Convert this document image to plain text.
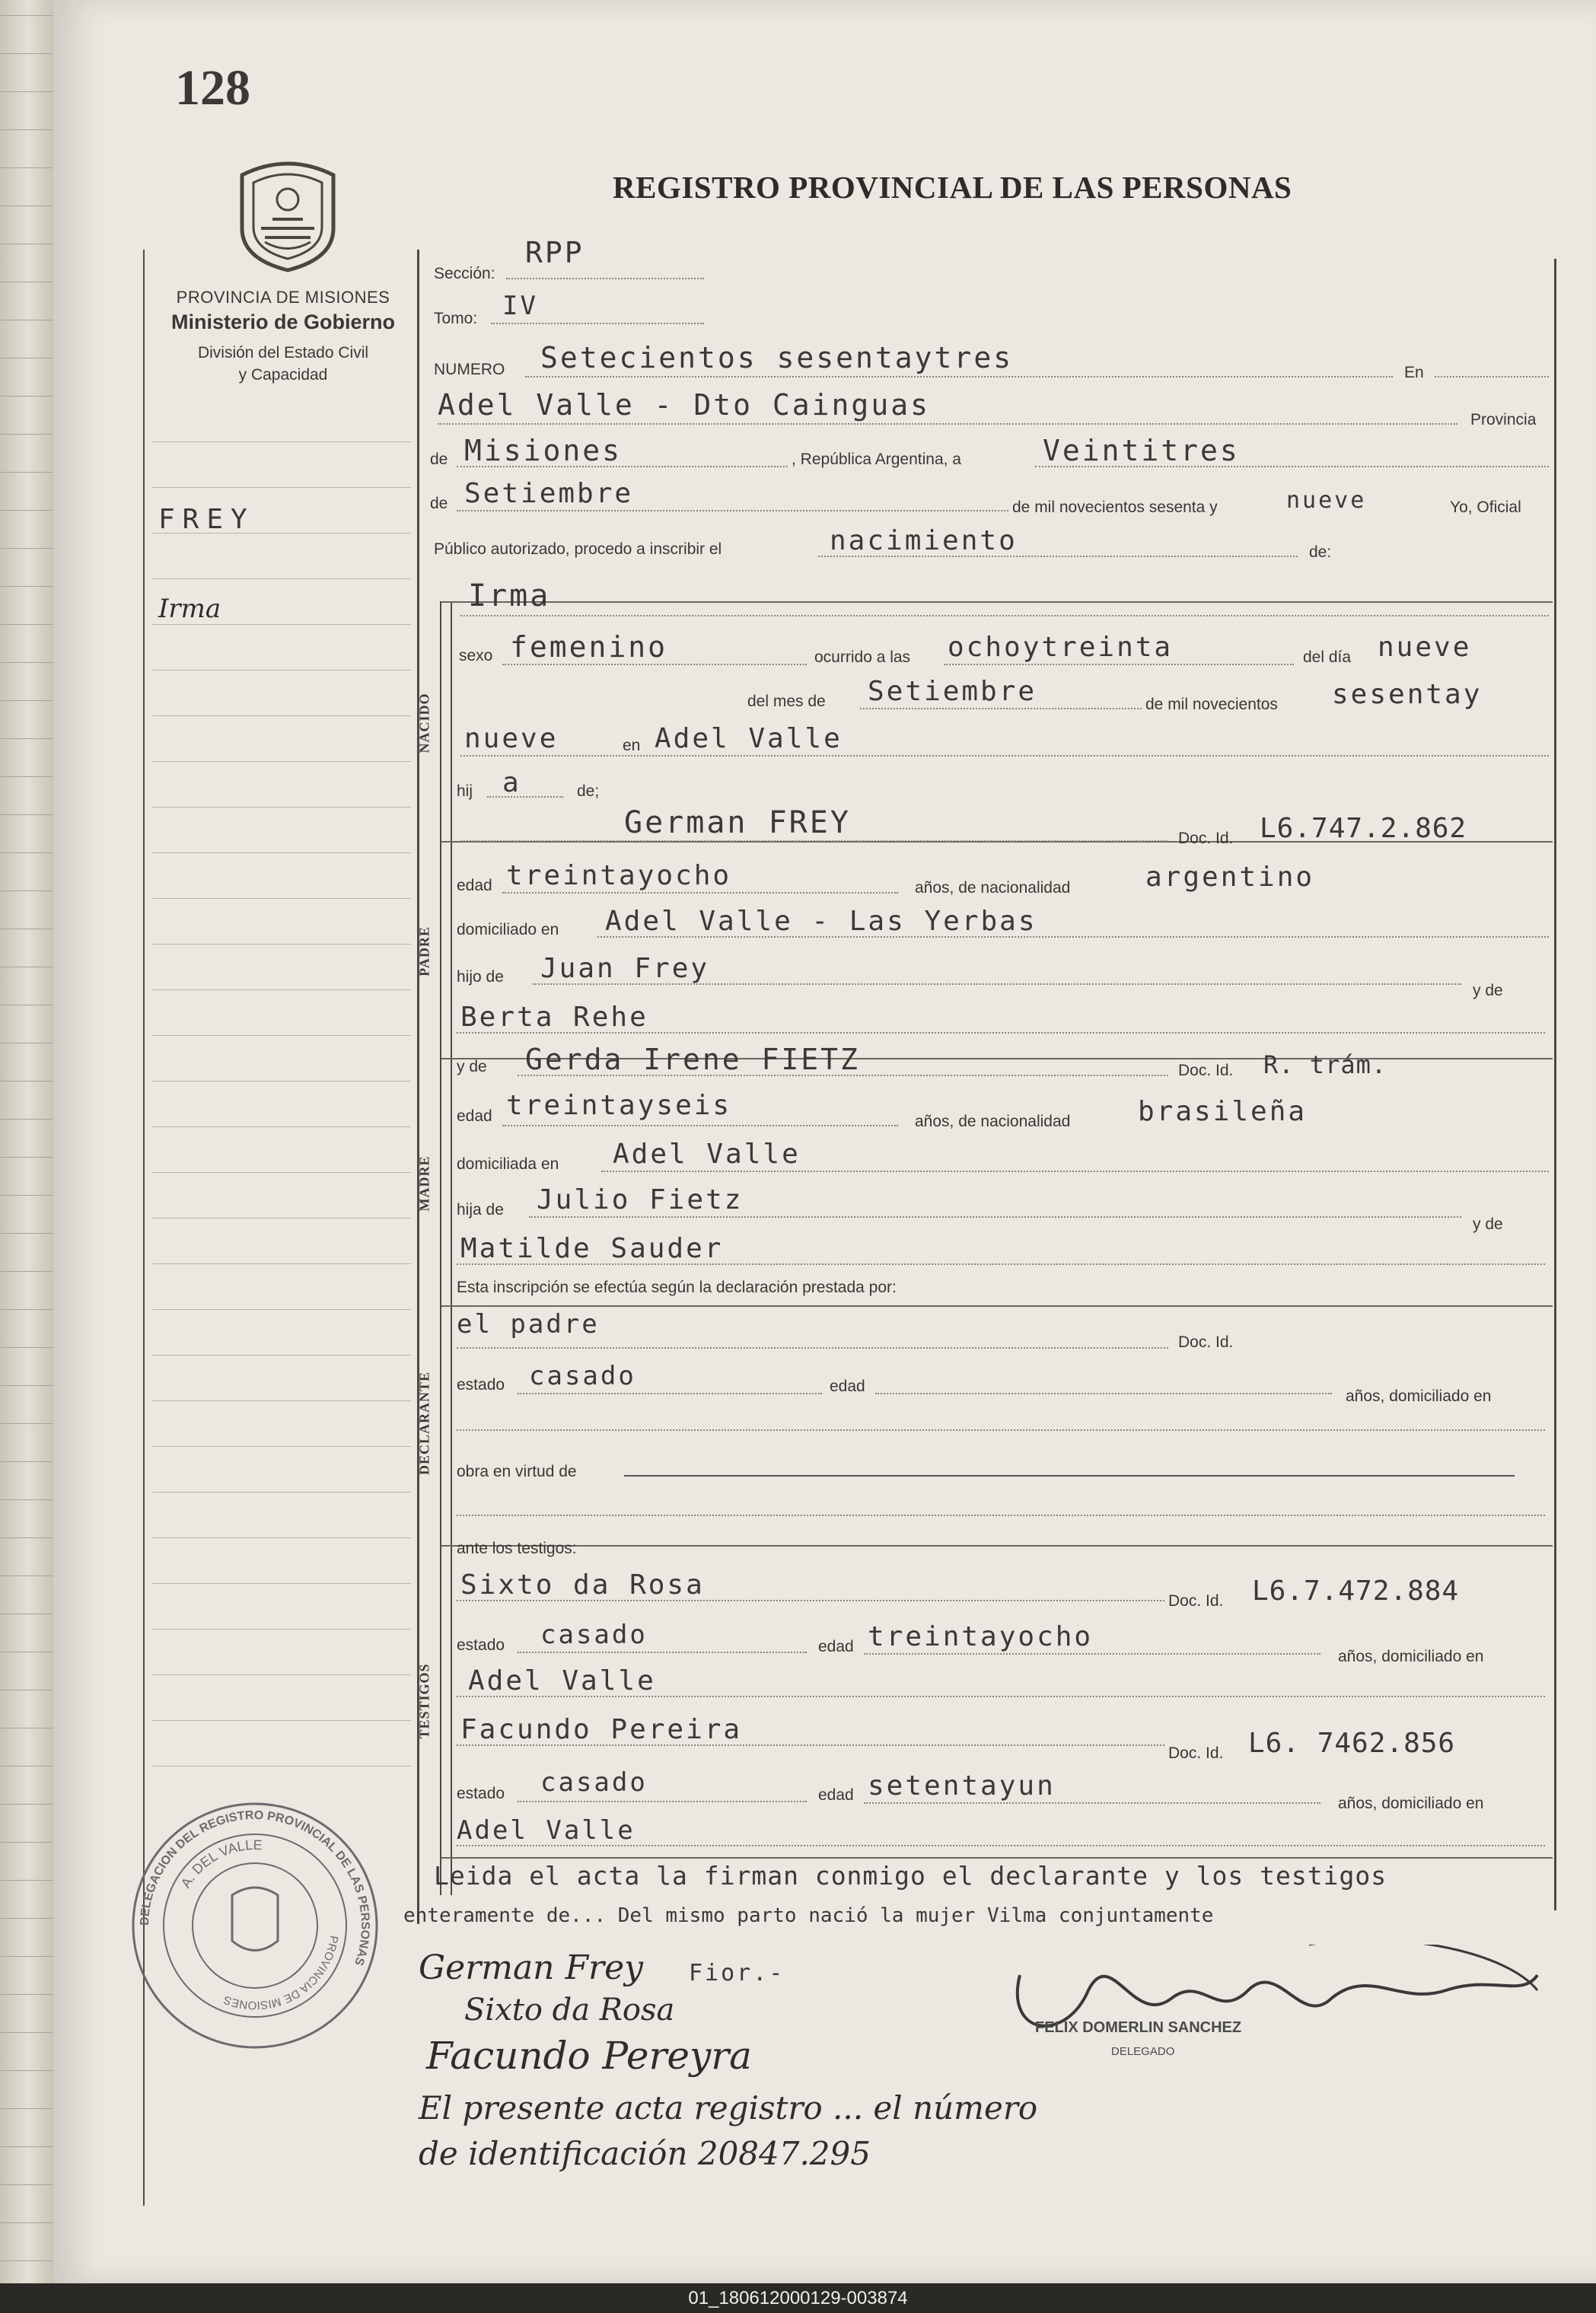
128
REGISTRO PROVINCIAL DE LAS PERSONAS
PROVINCIA DE MISIONES
Ministerio de Gobierno
División del Estado Civil
y Capacidad
FREY
Irma
NACIDO
PADRE
MADRE
DECLARANTE
TESTIGOS
Sección:
RPP
Tomo: IV
NUMERO Setecientos sesentaytres	En
Adel Valle - Dto Cainguas	Provincia
de Misiones	, República Argentina, a	Veintitres
de Setiembre	de mil novecientos sesenta y	nueve	Yo, Oficial
Público autorizado, procedo a inscribir el	nacimiento	de:
Irma
sexo femenino	ocurrido a las ochoytreinta	del día nueve
del mes de Setiembre	de mil novecientos sesentay
nueve	en Adel Valle
hij a	de;
German FREY	Doc. Id. L6.747.2.862
edad treintayocho	años, de nacionalidad	argentino
domiciliado en Adel Valle - Las Yerbas
hijo de Juan Frey
y de
Berta Rehe
y de Gerda Irene FIETZ	Doc. Id. R. trám.
edad treintayseis
años, de nacionalidad brasileña
domiciliada en Adel Valle
hija de Julio Fietz
y de
Matilde Sauder
Esta inscripción se efectúa según la declaración prestada por:
el padre
Doc. Id.
estado casado	edad
años, domiciliado en
obra en virtud de
ante los testigos:
Sixto da Rosa
Doc. Id. L6.7.472.884
estado casado	edad treintayocho
años, domiciliado en
Adel Valle
Facundo Pereira
Doc. Id. L6. 7462.856
estado casado	edad setentayun
años, domiciliado en
Adel Valle
Leida el acta la firman conmigo el declarante y los testigos
enteramente de... Del mismo parto nació la mujer Vilma conjuntamente
German Frey Fior.-
Sixto da Rosa
Facundo Pereyra
El presente acta registro ... el número
de identificación 20847.295
DELEGACION DEL REGISTRO PROVINCIAL DE LAS PERSONAS
A. DEL VALLE
PROVINCIA DE MISIONES
FELIX DOMERLIN SANCHEZ
DELEGADO
01_180612000129-003874
